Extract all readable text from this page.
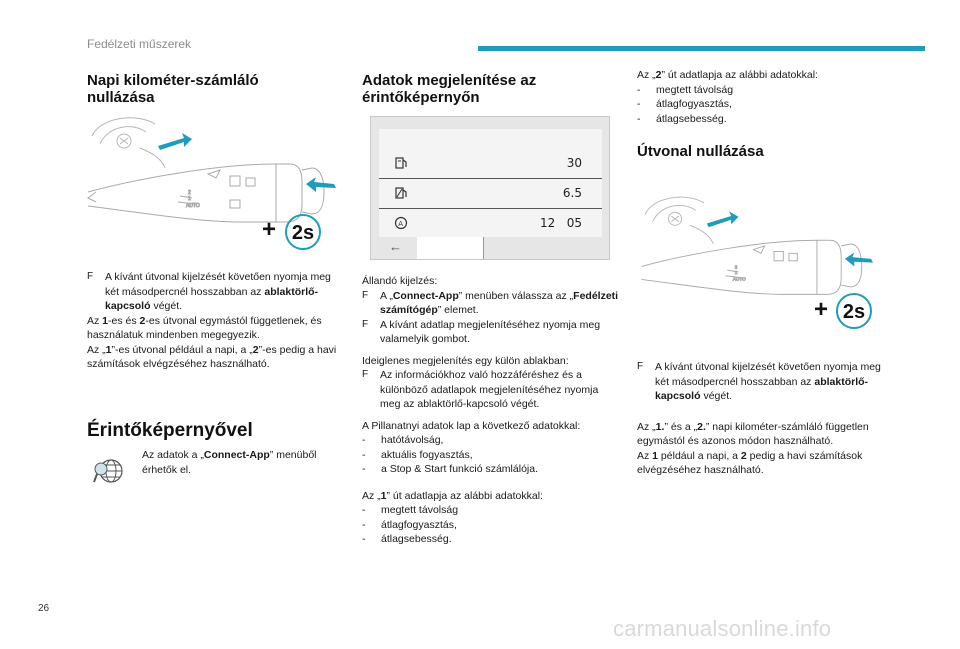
Fedélzeti műszerek
Napi kilométer-számláló
nullázása
2
1
AUTO
+ 2s
F A kívánt útvonal kijelzését követően nyomja meg két másodpercnél hosszabban az ablaktörlő-kapcsoló végét.

Az 1-es és 2-es útvonal egymástól függetlenek, és használatuk mindenben megegyezik.

Az „1”-es útvonal például a napi, a „2”-es pedig a havi számítások elvégzéséhez használható.

Érintőképernyővel
Az adatok a „Connect-App” menüből érhetők el.
Adatok megjelenítése az
érintőképernyőn
30
6.5
A	12   05
←

Állandó kijelzés:

F A „Connect-App” menüben válassza az „Fedélzeti számítógép” elemet.
F A kívánt adatlap megjelenítéséhez nyomja meg valamelyik gombot.

Ideiglenes megjelenítés egy külön ablakban:

F Az információkhoz való hozzáféréshez és a különböző adatlapok megjelenítéséhez nyomja meg az ablaktörlő-kapcsoló végét.

A Pillanatnyi adatok lap a következő adatokkal:

- hatótávolság,
- aktuális fogyasztás,
- a Stop & Start funkció számlálója.

Az „1” út adatlapja az alábbi adatokkal:

- megtett távolság
- átlagfogyasztás,
- átlagsebesség.

Az „2” út adatlapja az alábbi adatokkal:

- megtett távolság
- átlagfogyasztás,
- átlagsebesség.
Útvonal nullázása
2
1
AUTO
+ 2s
F A kívánt útvonal kijelzését követően nyomja meg két másodpercnél hosszabban az ablaktörlő-kapcsoló végét.

Az „1.” és a „2.” napi kilométer-számláló független egymástól és azonos módon használható.

Az 1 például a napi, a 2 pedig a havi számítások elvégzéséhez használható.

26
carmanualsonline.info
